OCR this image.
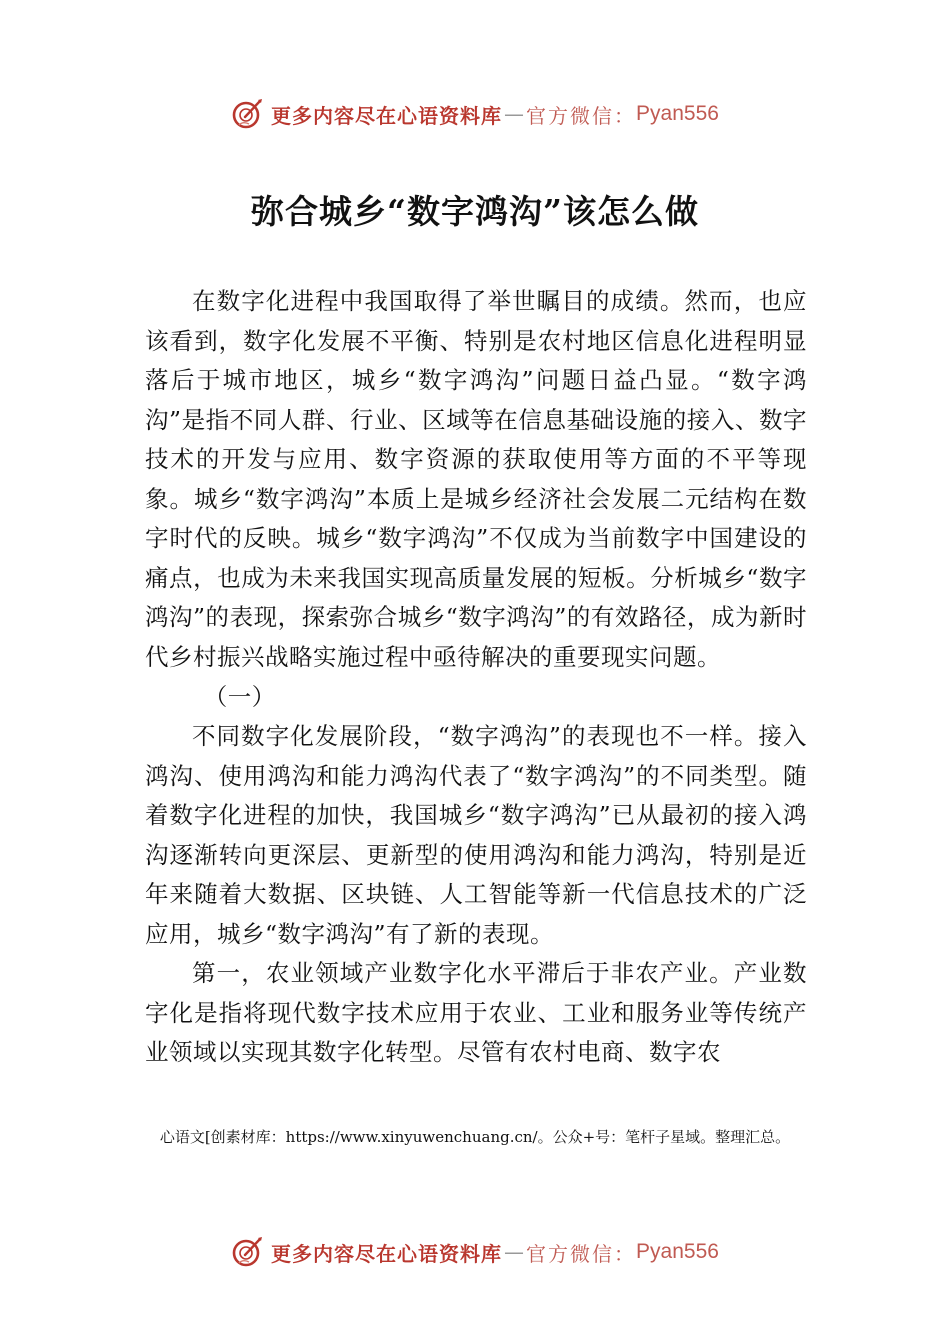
更多内容尽在心语资料库 — 官方微信： Pyan556
弥合城乡“数字鸿沟”该怎么做

在数字化进程中我国取得了举世瞩目的成绩。然而，也应该看到，数字化发展不平衡、特别是农村地区信息化进程明显落后于城市地区，城乡“数字鸿沟”问题日益凸显。“数字鸿沟”是指不同人群、行业、区域等在信息基础设施的接入、数字技术的开发与应用、数字资源的获取使用等方面的不平等现象。城乡“数字鸿沟”本质上是城乡经济社会发展二元结构在数字时代的反映。城乡“数字鸿沟”不仅成为当前数字中国建设的痛点，也成为未来我国实现高质量发展的短板。分析城乡“数字鸿沟”的表现，探索弥合城乡“数字鸿沟”的有效路径，成为新时代乡村振兴战略实施过程中亟待解决的重要现实问题。

（一）

不同数字化发展阶段，“数字鸿沟”的表现也不一样。接入鸿沟、使用鸿沟和能力鸿沟代表了“数字鸿沟”的不同类型。随着数字化进程的加快，我国城乡“数字鸿沟”已从最初的接入鸿沟逐渐转向更深层、更新型的使用鸿沟和能力鸿沟，特别是近年来随着大数据、区块链、人工智能等新一代信息技术的广泛应用，城乡“数字鸿沟”有了新的表现。

第一，农业领域产业数字化水平滞后于非农产业。产业数字化是指将现代数字技术应用于农业、工业和服务业等传统产业领域以实现其数字化转型。尽管有农村电商、数字农

心语文[创素材库：https://www.xinyuwenchuang.cn/。公众+号：笔杆子星域。整理汇总。
更多内容尽在心语资料库 — 官方微信： Pyan556
